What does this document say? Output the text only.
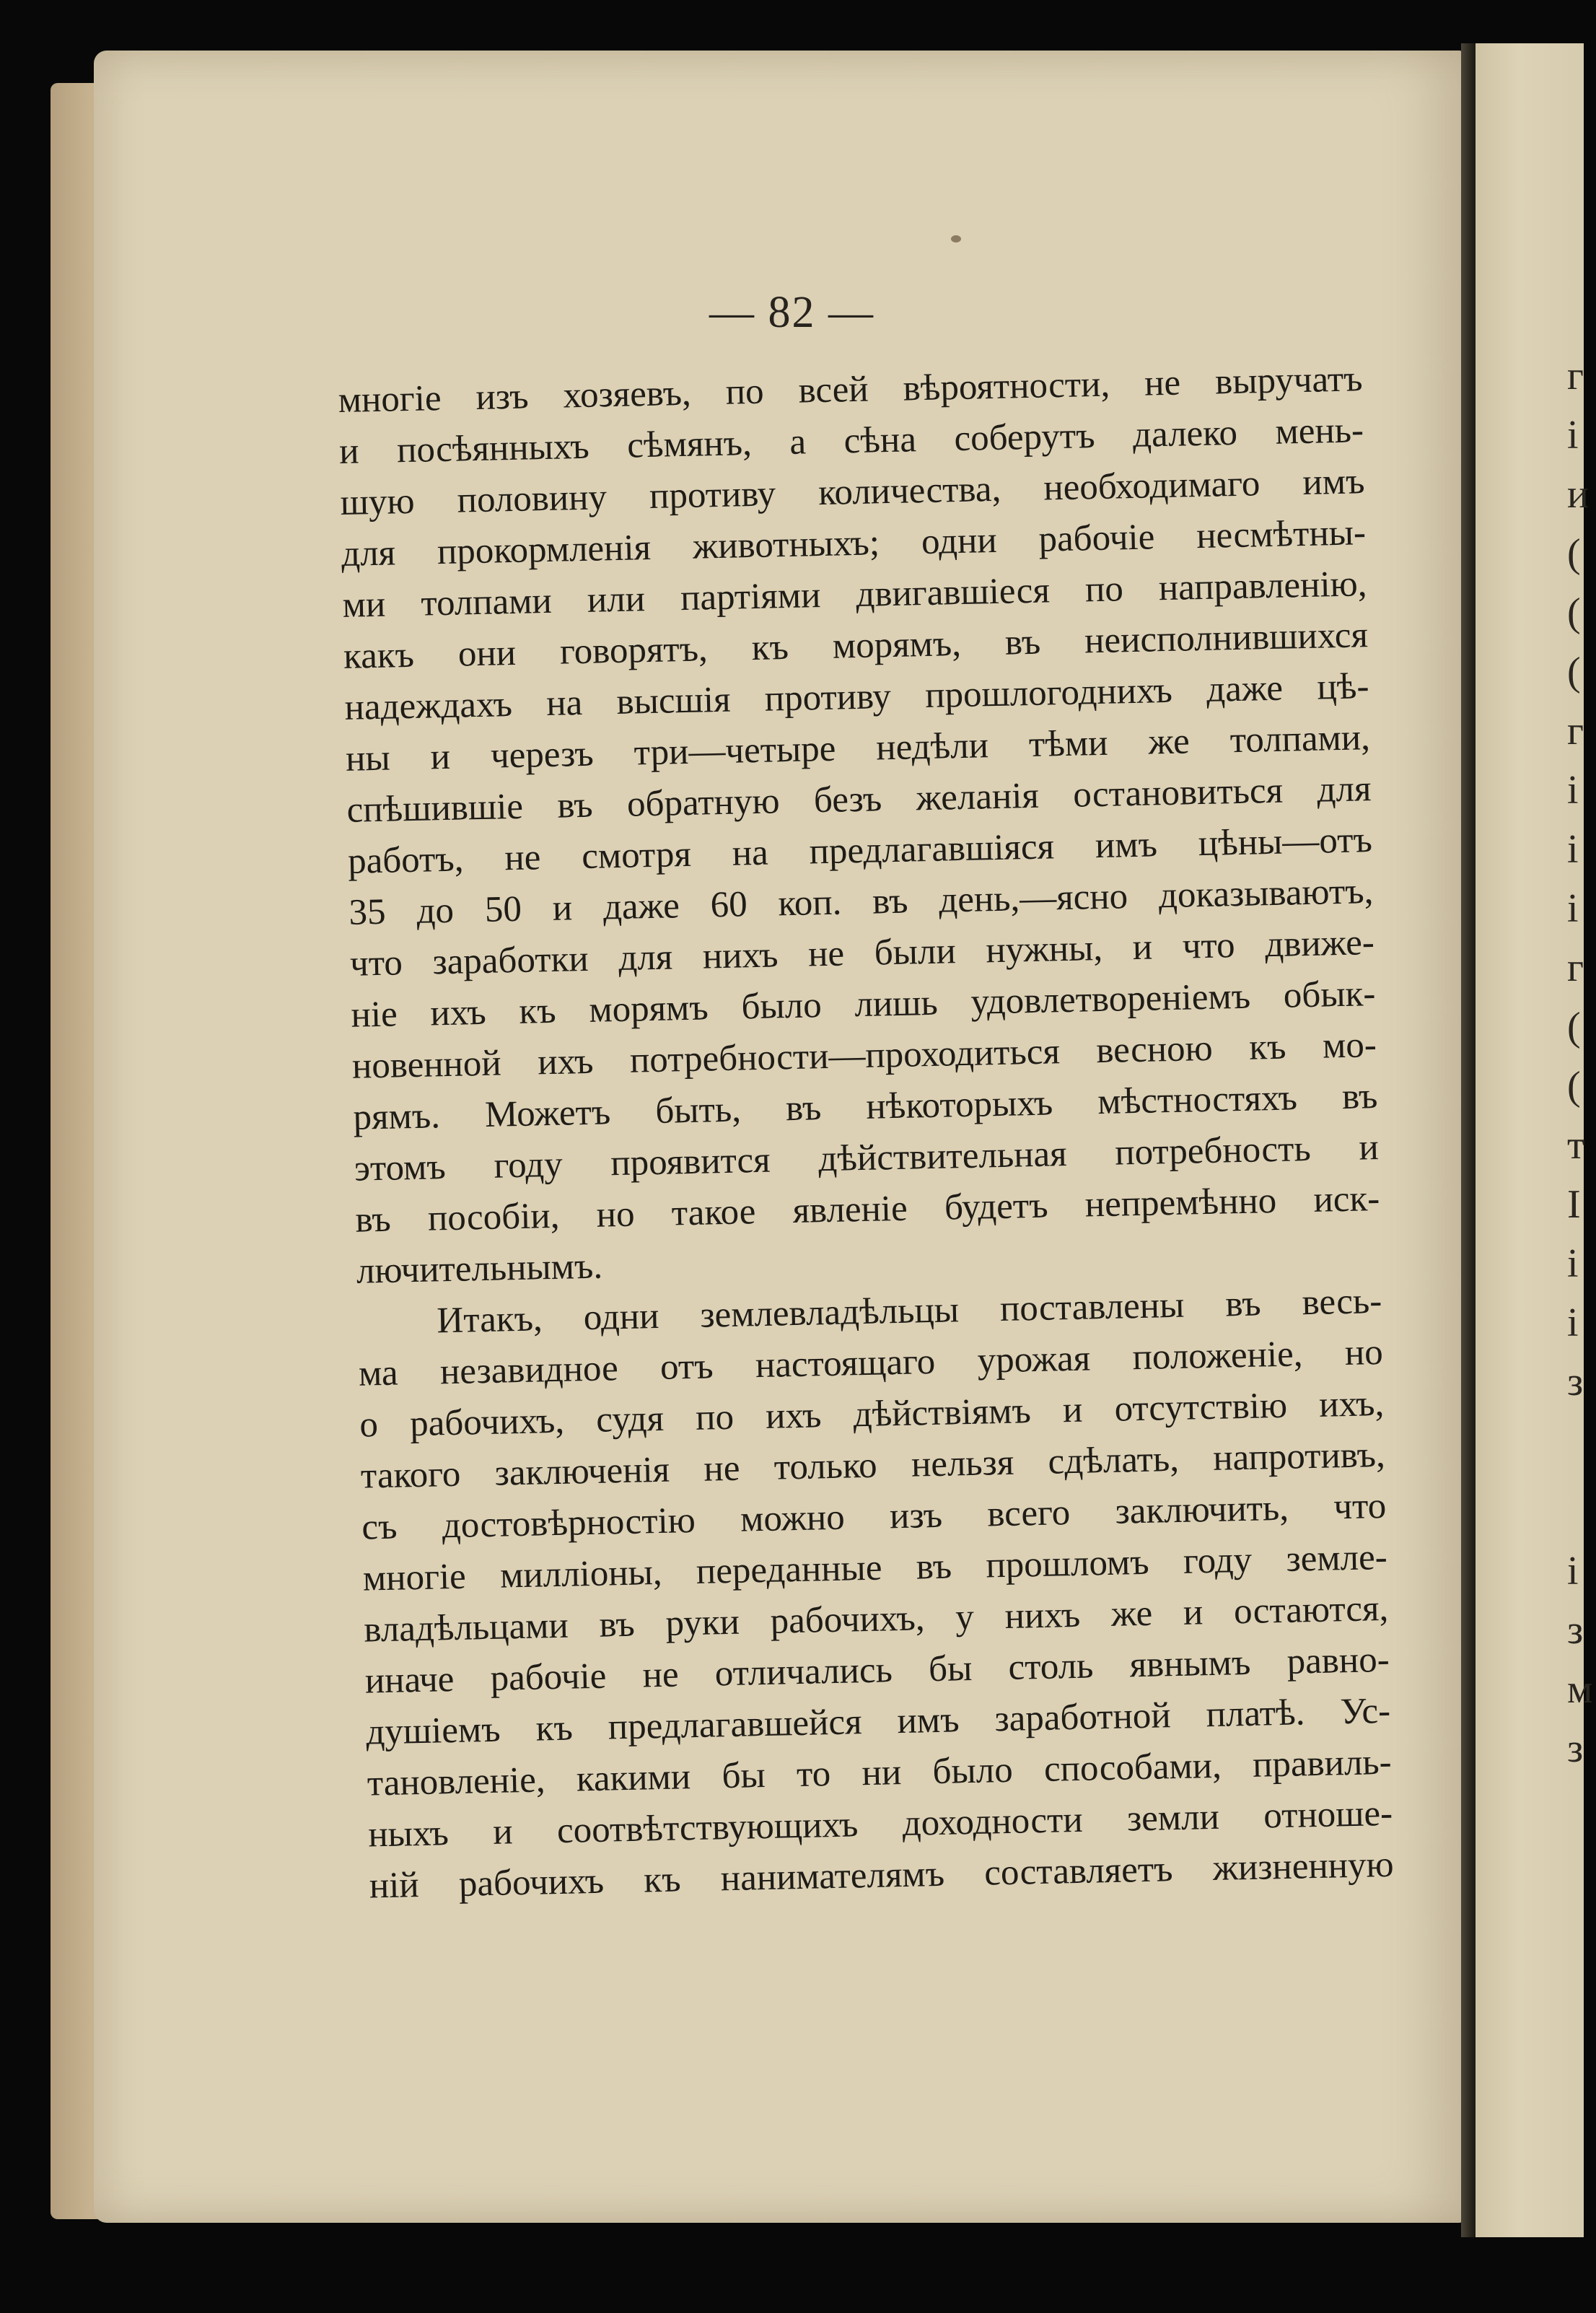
г
і
и
(
(
(
г
і
і
і
г
(
(
т
І
і
і
з
і
з
м
з
— 82 —
многіе изъ хозяевъ, по всей вѣроятности, не выручатъ
и посѣянныхъ сѣмянъ, а сѣна соберутъ далеко мень-
шую половину противу количества, необходимаго имъ
для прокормленія животныхъ; одни рабочіе несмѣтны-
ми толпами или партіями двигавшіеся по направленію,
какъ они говорятъ, къ морямъ, въ неисполнившихся
надеждахъ на высшія противу прошлогоднихъ даже цѣ-
ны и черезъ три—четыре недѣли тѣми же толпами,
спѣшившіе въ обратную безъ желанія остановиться для
работъ, не смотря на предлагавшіяся имъ цѣны—отъ
35 до 50 и даже 60 коп. въ день,—ясно доказываютъ,
что заработки для нихъ не были нужны, и что движе-
ніе ихъ къ морямъ было лишь удовлетвореніемъ обык-
новенной ихъ потребности—проходиться весною къ мо-
рямъ. Можетъ быть, въ нѣкоторыхъ мѣстностяхъ въ
этомъ году проявится дѣйствительная потребность и
въ пособіи, но такое явленіе будетъ непремѣнно иск-
лючительнымъ.
Итакъ, одни землевладѣльцы поставлены въ весь-
ма незавидное отъ настоящаго урожая положеніе, но
о рабочихъ, судя по ихъ дѣйствіямъ и отсутствію ихъ,
такого заключенія не только нельзя сдѣлать, напротивъ,
съ достовѣрностію можно изъ всего заключить, что
многіе милліоны, переданные въ прошломъ году земле-
владѣльцами въ руки рабочихъ, у нихъ же и остаются,
иначе рабочіе не отличались бы столь явнымъ равно-
душіемъ къ предлагавшейся имъ заработной платѣ. Ус-
тановленіе, какими бы то ни было способами, правиль-
ныхъ и соотвѣтствующихъ доходности земли отноше-
ній рабочихъ къ нанимателямъ составляетъ жизненную
